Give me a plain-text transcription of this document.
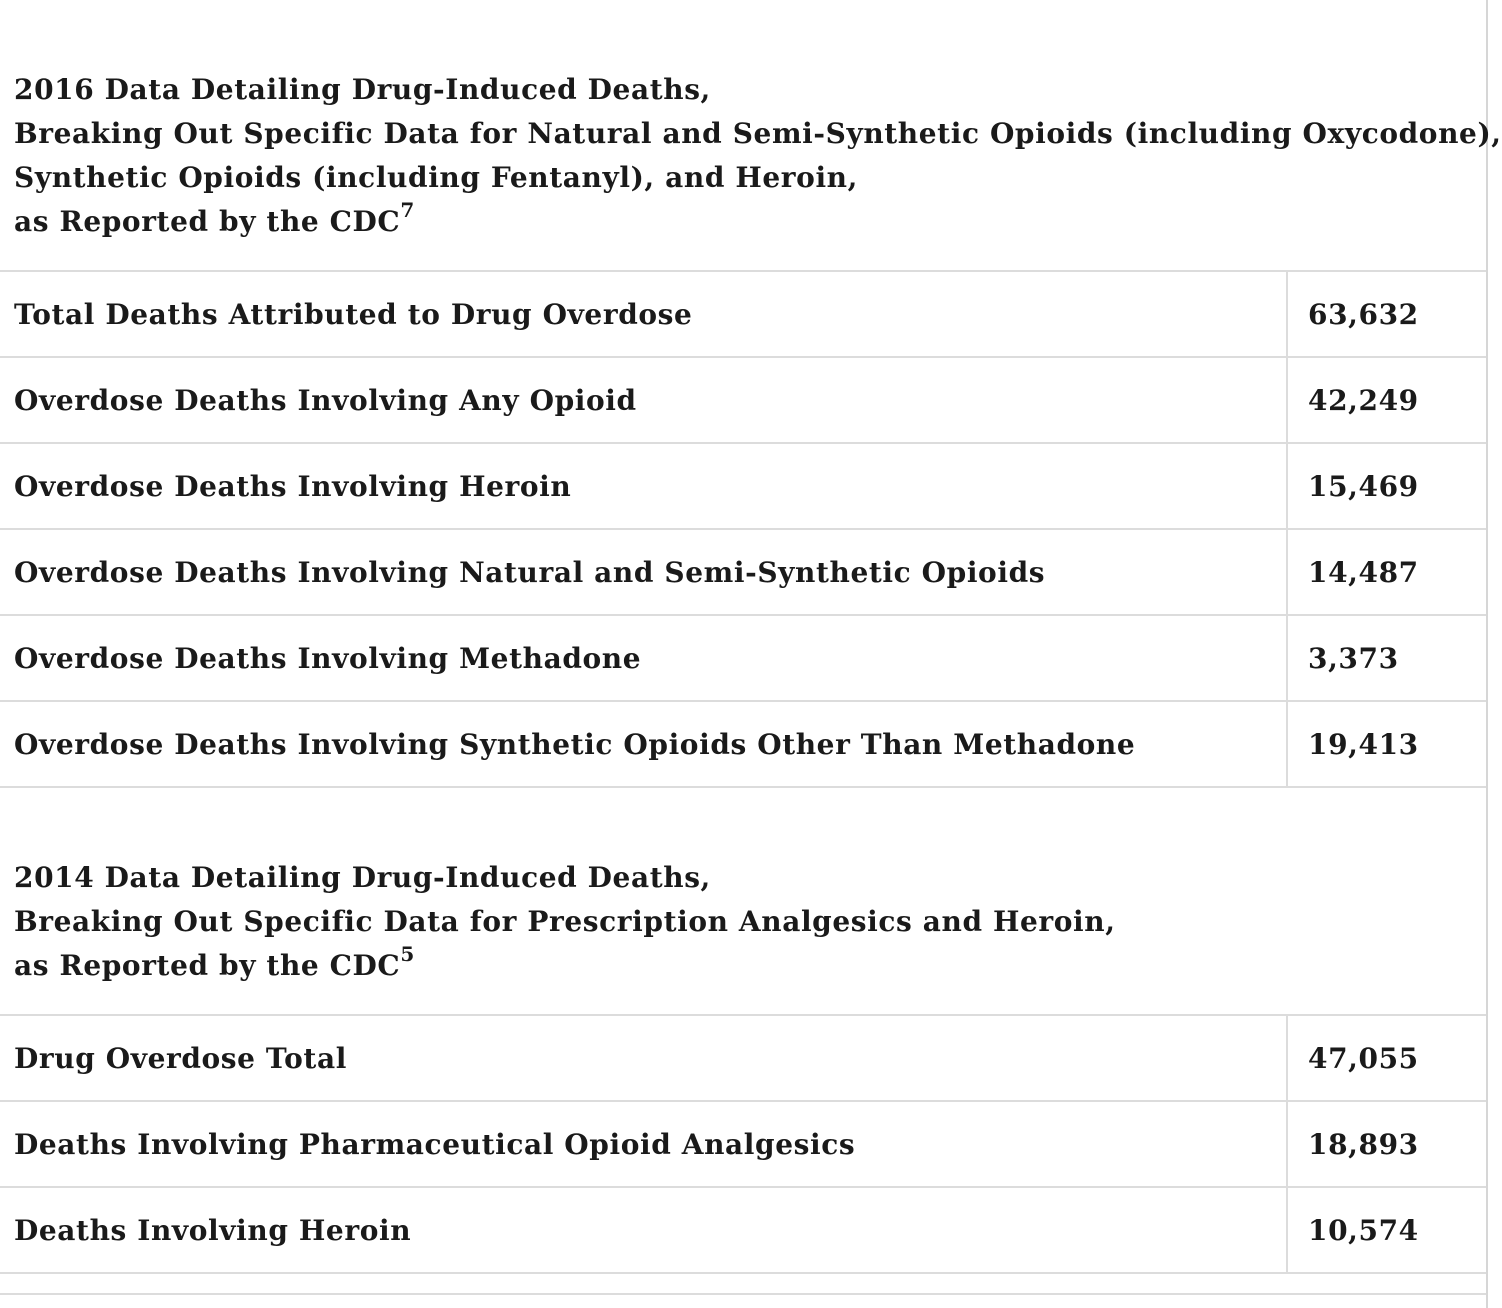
2016 Data Detailing Drug-Induced Deaths,
Breaking Out Specific Data for Natural and Semi-Synthetic Opioids (including Oxycodone),
Synthetic Opioids (including Fentanyl), and Heroin,
as Reported by the CDC$^7$
Total Deaths Attributed to Drug Overdose	63,632
Overdose Deaths Involving Any Opioid	42,249
Overdose Deaths Involving Heroin	15,469
Overdose Deaths Involving Natural and Semi-Synthetic Opioids	14,487
Overdose Deaths Involving Methadone	3,373
Overdose Deaths Involving Synthetic Opioids Other Than Methadone	19,413
2014 Data Detailing Drug-Induced Deaths,
Breaking Out Specific Data for Prescription Analgesics and Heroin,
as Reported by the CDC$^5$
Drug Overdose Total	47,055
Deaths Involving Pharmaceutical Opioid Analgesics	18,893
Deaths Involving Heroin	10,574
